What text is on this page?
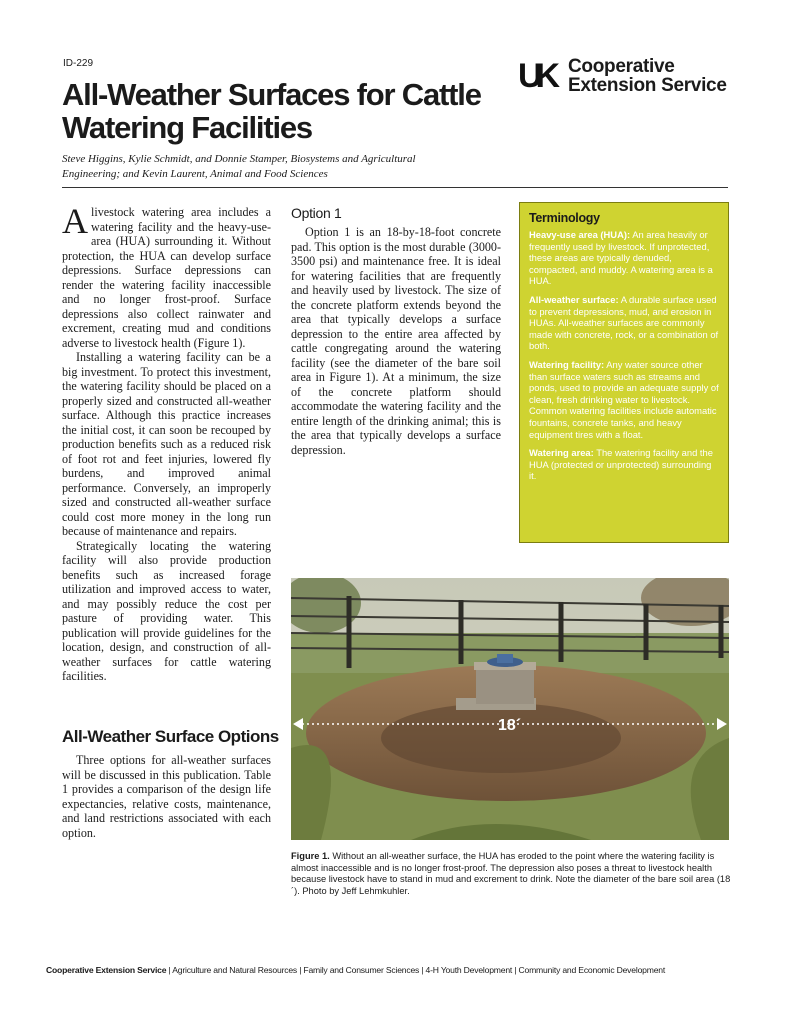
ID-229
All-Weather Surfaces for Cattle Watering Facilities
Steve Higgins, Kylie Schmidt, and Donnie Stamper, Biosystems and Agricultural Engineering; and Kevin Laurent, Animal and Food Sciences
UK Cooperative
Extension Service

Alivestock watering area includes a watering facility and the heavy-use-area (HUA) surrounding it. Without protection, the HUA can develop surface depressions. Surface depressions can render the watering facility inaccessible and no longer frost-proof. Surface depressions also collect rainwater and excrement, creating mud and conditions adverse to livestock health (Figure 1).

Installing a watering facility can be a big investment. To protect this investment, the watering facility should be placed on a properly sized and constructed all-weather surface. Although this practice increases the initial cost, it can soon be recouped by production benefits such as a reduced risk of foot rot and feet injuries, lowered fly burdens, and improved animal performance. Conversely, an improperly sized and constructed all-weather surface could cost more money in the long run because of maintenance and repairs.

Strategically locating the watering facility will also provide production benefits such as increased forage utilization and improved access to water, and may possibly reduce the cost per pasture of providing water. This publication will provide guidelines for the location, design, and construction of all-weather surfaces for cattle watering facilities.

All-Weather Surface Options

Three options for all-weather surfaces will be discussed in this publication. Table 1 provides a comparison of the design life expectancies, relative costs, maintenance, and land restrictions associated with each option.

Option 1

Option 1 is an 18-by-18-foot concrete pad. This option is the most durable (3000-3500 psi) and maintenance free. It is ideal for watering facilities that are frequently and heavily used by livestock. The size of the concrete platform extends beyond the area that typically develops a surface depression to the entire area affected by cattle congregating around the watering facility (see the diameter of the bare soil area in Figure 1). At a minimum, the size of the concrete platform should accommodate the watering facility and the entire length of the drinking animal; this is the area that typically develops a surface depression.

Terminology
Heavy-use area (HUA): An area heavily or frequently used by livestock. If unprotected, these areas are typically denuded, compacted, and muddy. A watering area is a HUA.
All-weather surface: A durable surface used to prevent depressions, mud, and erosion in HUAs. All-weather surfaces are commonly made with concrete, rock, or a combination of both.
Watering facility: Any water source other than surface waters such as streams and ponds, used to provide an adequate supply of clean, fresh drinking water to livestock. Common watering facilities include automatic fountains, concrete tanks, and heavy equipment tires with a float.
Watering area: The watering facility and the HUA (protected or unprotected) surrounding it.
18´
Figure 1. Without an all-weather surface, the HUA has eroded to the point where the watering facility is almost inaccessible and is no longer frost-proof. The depression also poses a threat to livestock health because livestock have to stand in mud and excrement to drink. Note the diameter of the bare soil area (18´). Photo by Jeff Lehmkuhler.
Cooperative Extension Service | Agriculture and Natural Resources | Family and Consumer Sciences | 4-H Youth Development | Community and Economic Development
